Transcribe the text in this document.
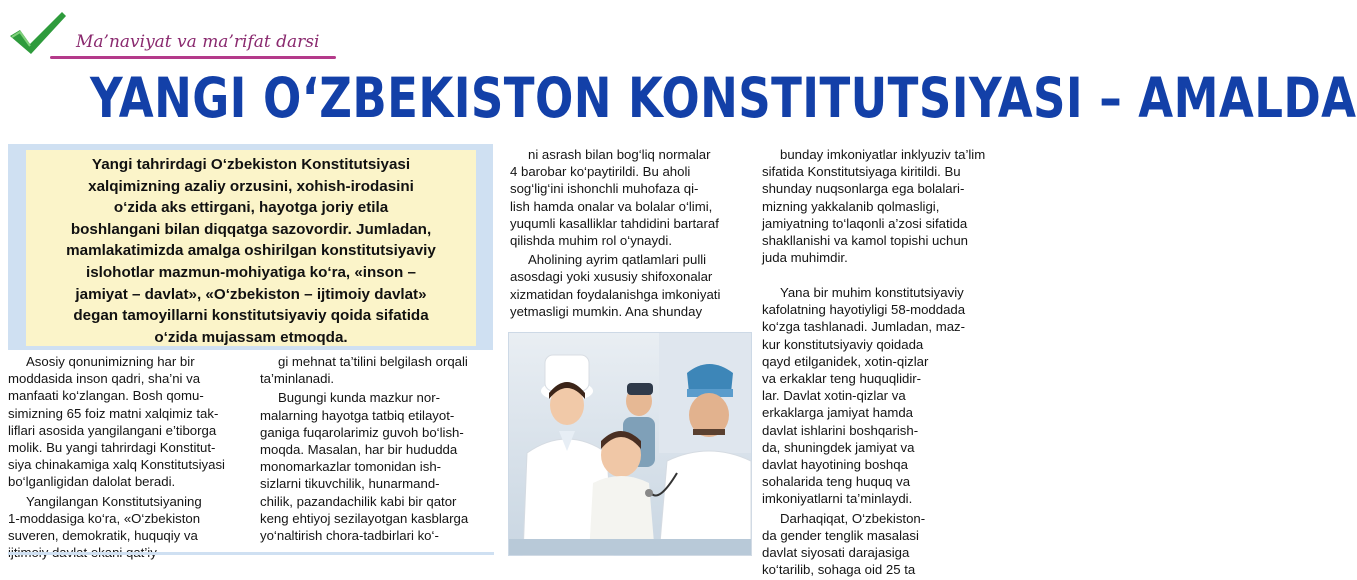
Ma’naviyat va ma’rifat darsi
YANGI O‘ZBEKISTON KONSTITUTSIYASI – AMALDA
Yangi tahrirdagi O‘zbekiston Konstitutsiyasi
xalqimizning azaliy orzusini, xohish-irodasini
o‘zida aks ettirgani, hayotga joriy etila
boshlangani bilan diqqatga sazovordir. Jumladan,
mamlakatimizda amalga oshirilgan konstitutsiyaviy
islohotlar mazmun-mohiyatiga ko‘ra, «inson –
jamiyat – davlat», «O‘zbekiston – ijtimoiy davlat»
degan tamoyillarni konstitutsiyaviy qoida sifatida
o‘zida mujassam etmoqda.

Asosiy qonunimizning har bir
moddasida inson qadri, sha’ni va
manfaati ko‘zlangan. Bosh qomu-
simizning 65 foiz matni xalqimiz tak-
liflari asosida yangilangani e’tiborga
molik. Bu yangi tahrirdagi Konstitut-
siya chinakamiga xalq Konstitutsiyasi
bo‘lganligidan dalolat beradi.

Yangilangan Konstitutsiyaning
1-moddasiga ko‘ra, «O‘zbekiston
suveren, demokratik, huquqiy va

gi mehnat ta’tilini belgilash orqali
ta’minlanadi.

Bugungi kunda mazkur nor-
malarning hayotga tatbiq etilayot-
ganiga fuqarolarimiz guvoh bo‘lish-
moqda. Masalan, har bir hududda
monomarkazlar tomonidan ish-
sizlarni tikuvchilik, hunarmand-
chilik, pazandachilik kabi bir qator
keng ehtiyoj sezilayotgan kasblarga
yo‘naltirish chora-tadbirlari ko‘-

ni asrash bilan bog‘liq normalar
4 barobar ko‘paytirildi. Bu aholi
sog‘lig‘ini ishonchli muhofaza qi-
lish hamda onalar va bolalar o‘limi,
yuqumli kasalliklar tahdidini bartaraf
qilishda muhim rol o‘ynaydi.

Aholining ayrim qatlamlari pulli
asosdagi yoki xususiy shifoxonalar
xizmatidan foydalanishga imkoniyati
yetmasligi mumkin. Ana shunday

bunday imkoniyatlar inklyuziv ta’lim
sifatida Konstitutsiyaga kiritildi. Bu
shunday nuqsonlarga ega bolalari-
mizning yakkalanib qolmasligi,
jamiyatning to‘laqonli a’zosi sifatida
shakllanishi va kamol topishi uchun
juda muhimdir.

Yana bir muhim konstitutsiyaviy
kafolatning hayotiyligi 58-moddada
ko‘zga tashlanadi. Jumladan, maz-
kur konstitutsiyaviy qoidada
qayd etilganidek, xotin-qizlar
va erkaklar teng huquqlidir-
lar. Davlat xotin-qizlar va
erkaklarga jamiyat hamda
davlat ishlarini boshqarish-
da, shuningdek jamiyat va
davlat hayotining boshqa
sohalarida teng huquq va
imkoniyatlarni ta’minlaydi.

Darhaqiqat, O‘zbekiston-
da gender tenglik masalasi
davlat siyosati darajasiga
ko‘tarilib, sohaga oid 25 ta
